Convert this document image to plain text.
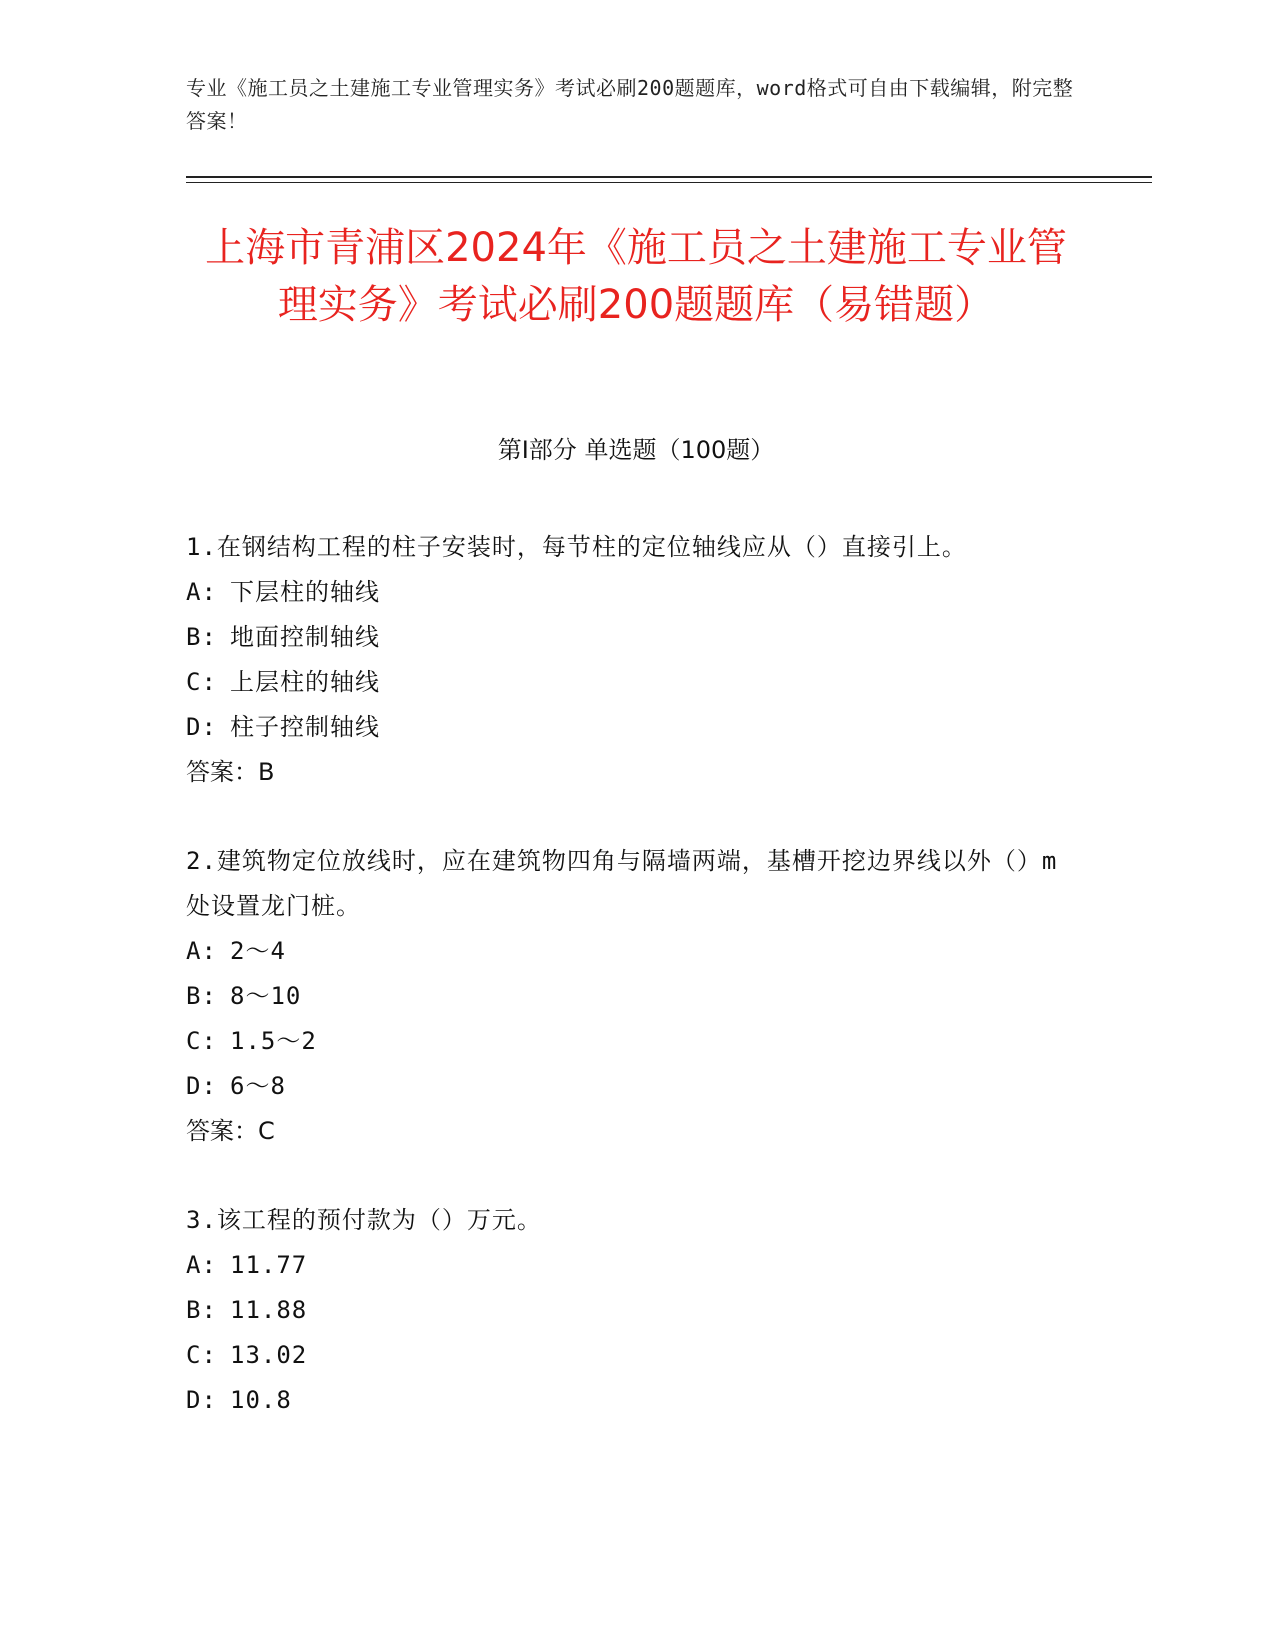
专业《施工员之土建施工专业管理实务》考试必刷200题题库，word格式可自由下载编辑，附完整答案！
上海市青浦区2024年《施工员之土建施工专业管理实务》考试必刷200题题库（易错题）
第Ⅰ部分 单选题（100题）
1.在钢结构工程的柱子安装时，每节柱的定位轴线应从（）直接引上。
A: 下层柱的轴线
B: 地面控制轴线
C: 上层柱的轴线
D: 柱子控制轴线
答案：B
2.建筑物定位放线时，应在建筑物四角与隔墙两端，基槽开挖边界线以外（）m处设置龙门桩。
A: 2～4
B: 8～10
C: 1.5～2
D: 6～8
答案：C
3.该工程的预付款为（）万元。
A: 11.77
B: 11.88
C: 13.02
D: 10.8
